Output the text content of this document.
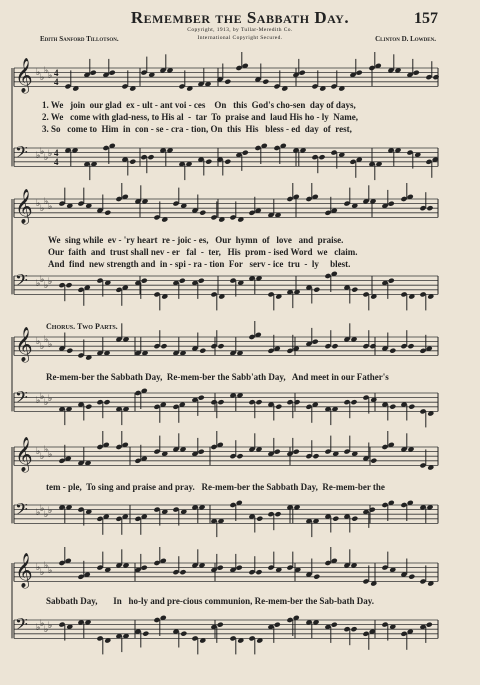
Remember the Sabbath Day.	157
Copyright, 1913, by Tullar-Meredith Co.
Edith Sanford Tillotson.	International Copyright Secured.	Clinton D. Lowden.
𝄞 ♭ ♭
♭ ♭ 4
4
𝄢 ♭ ♭
♭ ♭ 4
4
𝄞 ♭ ♭
♭ ♭
𝄢 ♭ ♭
♭ ♭
𝄞 ♭ ♭
♭ ♭
𝄢 ♭ ♭
♭ ♭
𝄞 ♭ ♭
♭ ♭
𝄢 ♭ ♭
♭ ♭
𝄞 ♭ ♭
♭ ♭
𝄢 ♭ ♭
♭ ♭
1. We   join  our glad  ex - ult - ant voi - ces    On   this  God's cho-sen  day of days,
2. We   come with glad-ness, to His al  -  tar  To  praise and  laud His ho - ly  Name,
3. So   come to  Him  in  con - se - cra - tion, On  this  His   bless - ed  day  of  rest,
We  sing while  ev - 'ry heart  re - joic - es,   Our  hymn  of   love   and  praise.
Our  faith  and  trust shall nev - er   fal  -  ter,   His  prom - ised Word  we   claim.
And  find  new strength and  in - spi - ra - tion  For   serv - ice  tru  -  ly     blest.
Chorus. Two Parts.
Re-mem-ber the Sabbath Day,  Re-mem-ber the Sabb'ath Day,   And meet in our Father's
tem - ple,  To sing and praise and pray.   Re-mem-ber the Sabbath Day,  Re-mem-ber the
Sabbath Day,       In   ho-ly and pre-cious communion, Re-mem-ber the Sab-bath Day.
